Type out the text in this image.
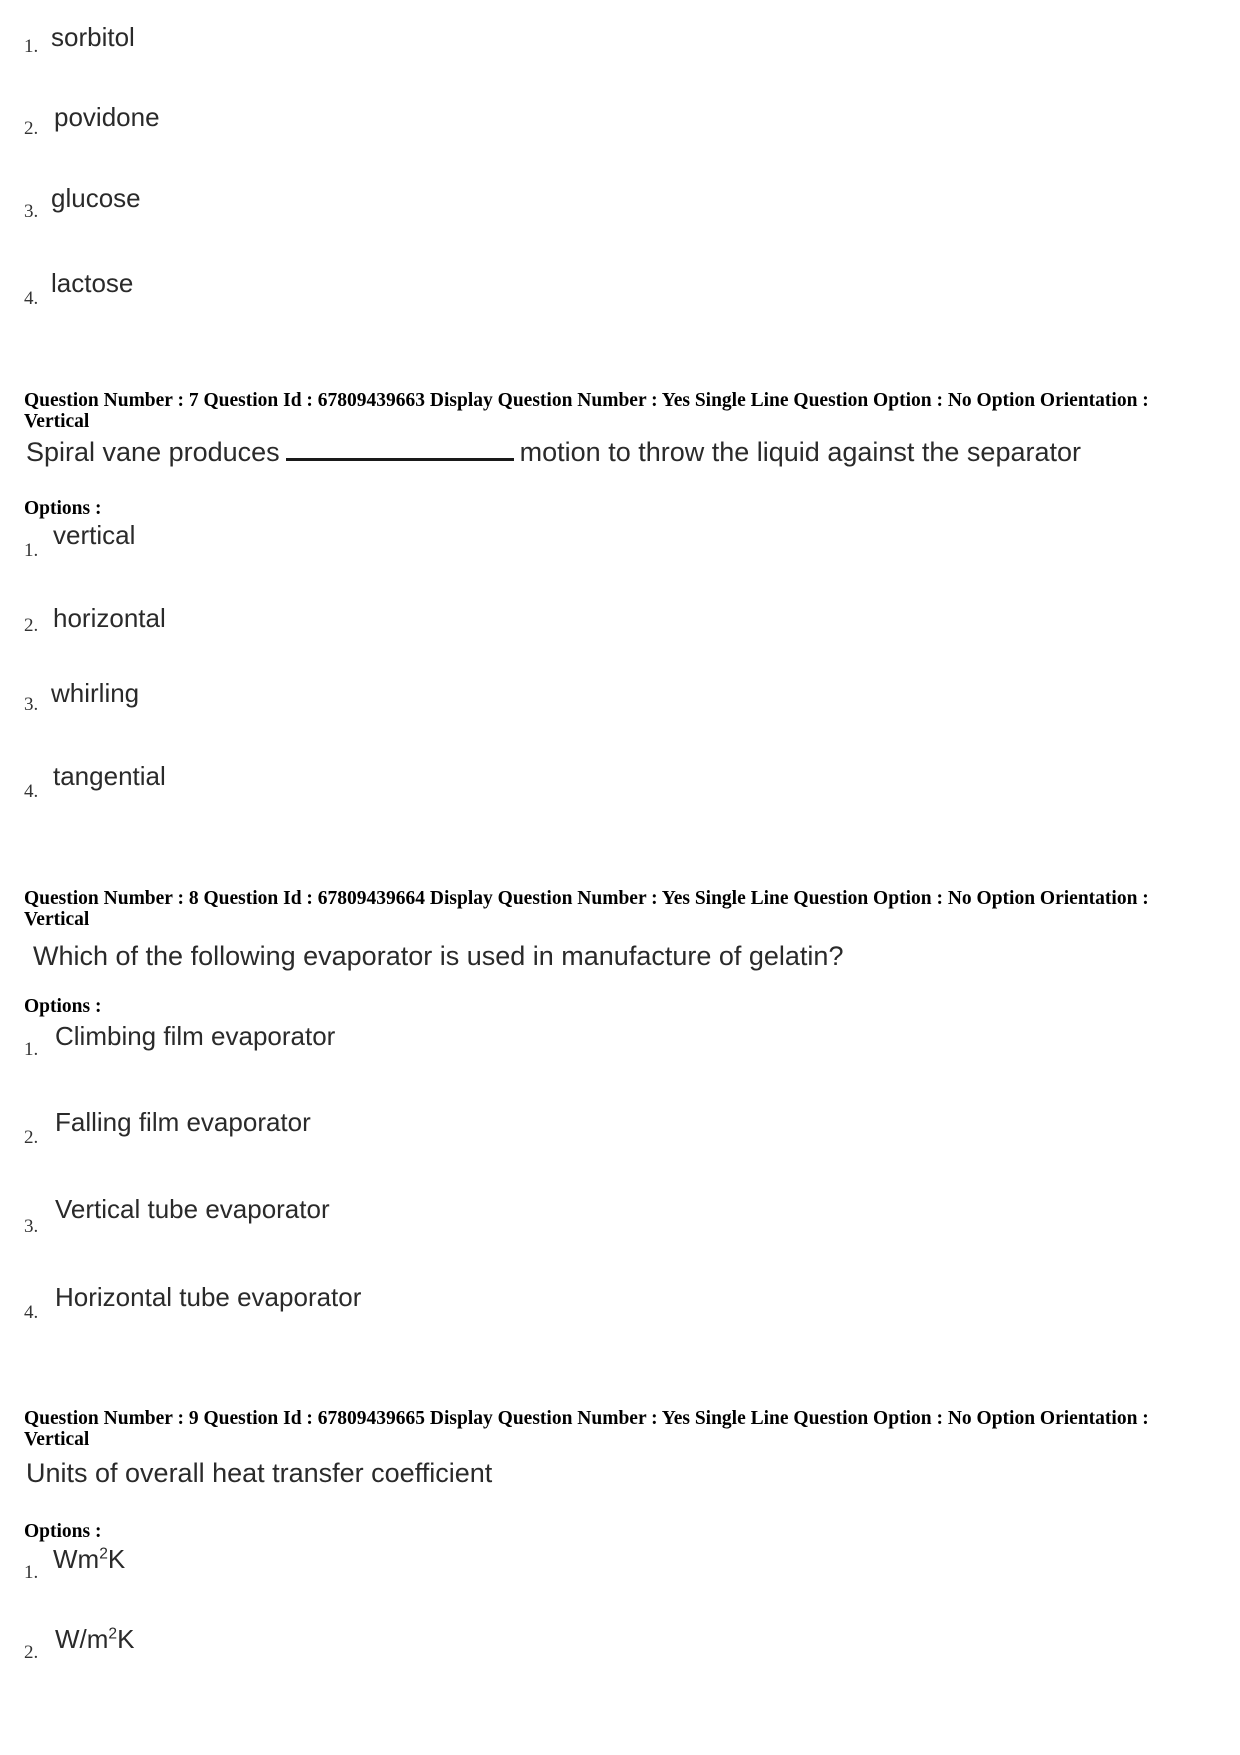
1. sorbitol
2. povidone
3. glucose
4.
lactose
Question Number : 7 Question Id : 67809439663 Display Question Number : Yes Single Line Question Option : No Option Orientation : Vertical
Spiral vane produces	motion to throw the liquid against the separator
Options :
1.
vertical
2. horizontal
3. whirling
4.
tangential
Question Number : 8 Question Id : 67809439664 Display Question Number : Yes Single Line Question Option : No Option Orientation : Vertical
Which of the following evaporator is used in manufacture of gelatin?
Options :
1. Climbing film evaporator
2.
Falling film evaporator
3.
Vertical tube evaporator
4.
Horizontal tube evaporator
Question Number : 9 Question Id : 67809439665 Display Question Number : Yes Single Line Question Option : No Option Orientation : Vertical
Units of overall heat transfer coefficient
Options :
1. Wm$^2$K
2. $W/m^2K$
